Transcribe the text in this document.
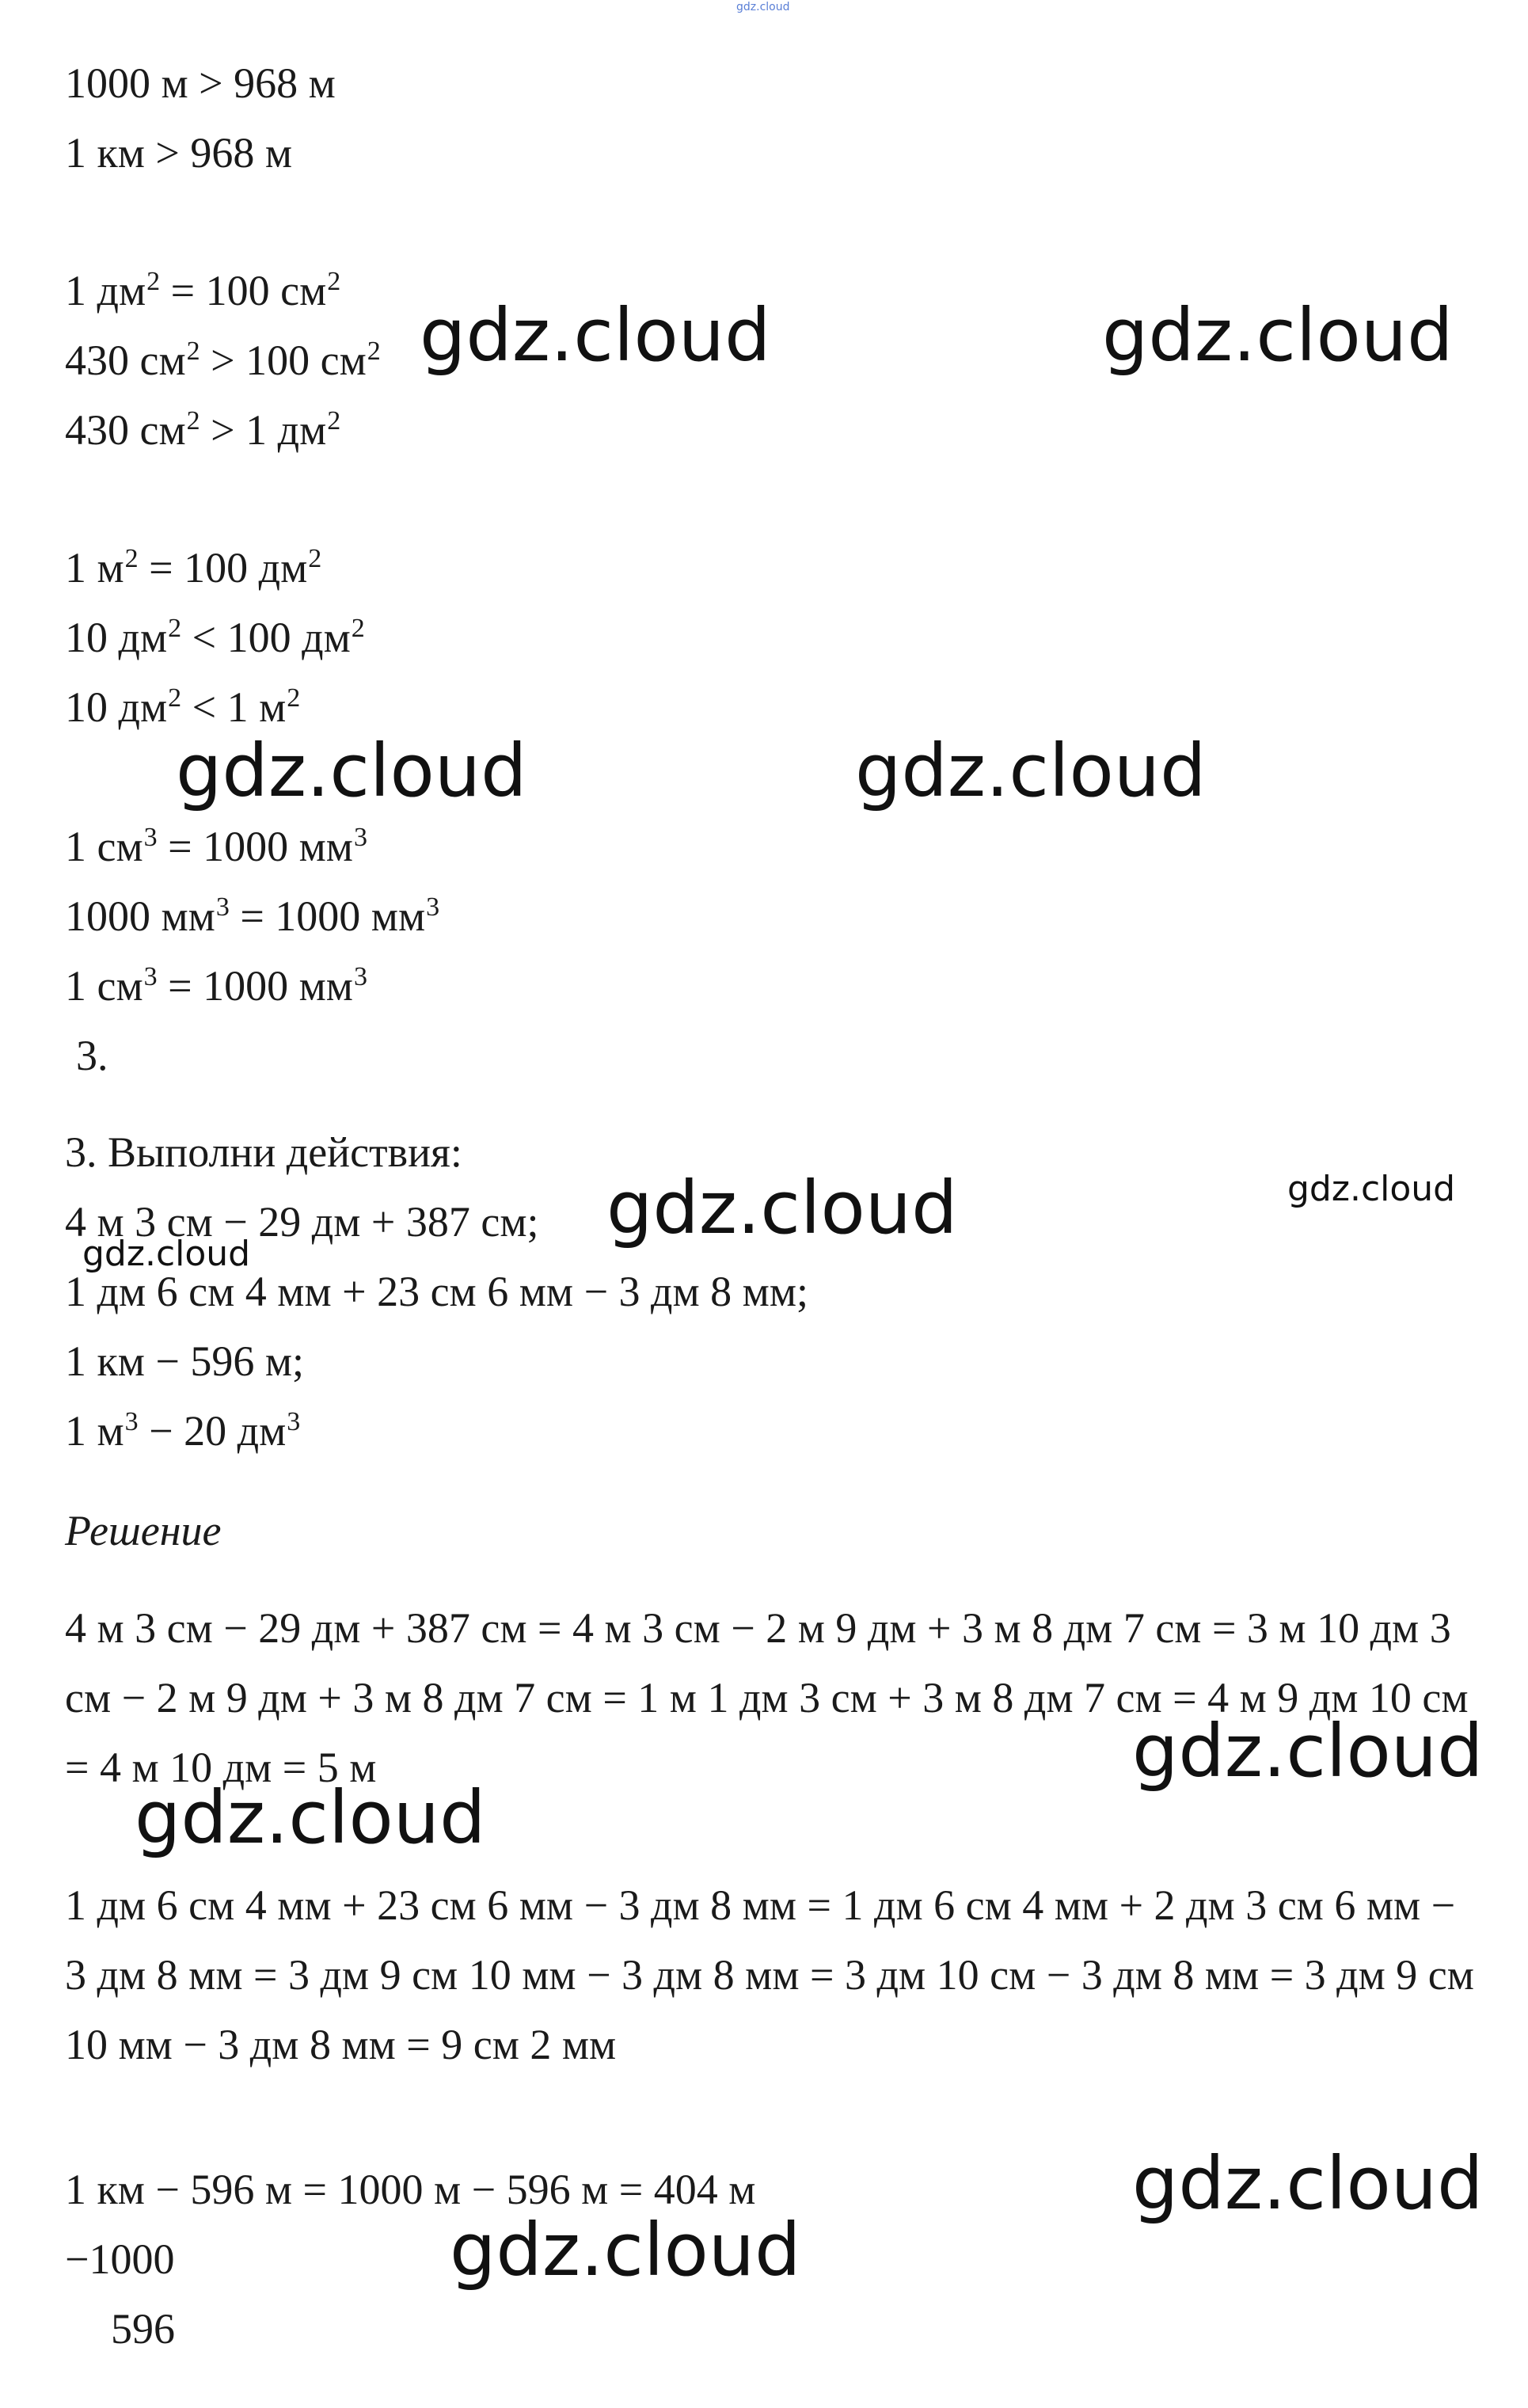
gdz.cloud
1000 м > 968 м
1 км > 968 м
1 $дм^2 = 100$ $см^2$
430 $см^2 > 100$ $см^2$
430 $см^2 > 1$ $дм^2$
1 $м^2 = 100$ $дм^2$
10 $дм^2 < 100$ $дм^2$
10 $дм^2 < 1$ $м^2$
1 $см^3 = 1000$ $мм^3$
1000 $мм^3 = 1000$ $мм^3$
1 $см^3 = 1000$ $мм^3$
3.
3. Выполни действия:
4 м 3 см − 29 дм + 387 см;
1 дм 6 см 4 мм + 23 см 6 мм − 3 дм 8 мм;
1 км − 596 м;
1 $м^3 - 20$ $дм^3$
Решение
4 м 3 см − 29 дм + 387 см = 4 м 3 см − 2 м 9 дм + 3 м 8 дм 7 см = 3 м 10 дм 3 см − 2 м 9 дм + 3 м 8 дм 7 см = 1 м 1 дм 3 см + 3 м 8 дм 7 см = 4 м 9 дм 10 см = 4 м 10 дм = 5 м
1 дм 6 см 4 мм + 23 см 6 мм − 3 дм 8 мм = 1 дм 6 см 4 мм + 2 дм 3 см 6 мм − 3 дм 8 мм = 3 дм 9 см 10 мм − 3 дм 8 мм = 3 дм 10 см − 3 дм 8 мм = 3 дм 9 см 10 мм − 3 дм 8 мм = 9 см 2 мм
1 км − 596 м = 1000 м − 596 м = 404 м
−1000
596
gdz.cloud	gdz.cloud
gdz.cloud	gdz.cloud
gdz.cloud	gdz.cloud
gdz.cloud
gdz.cloud
gdz.cloud
gdz.cloud
gdz.cloud
